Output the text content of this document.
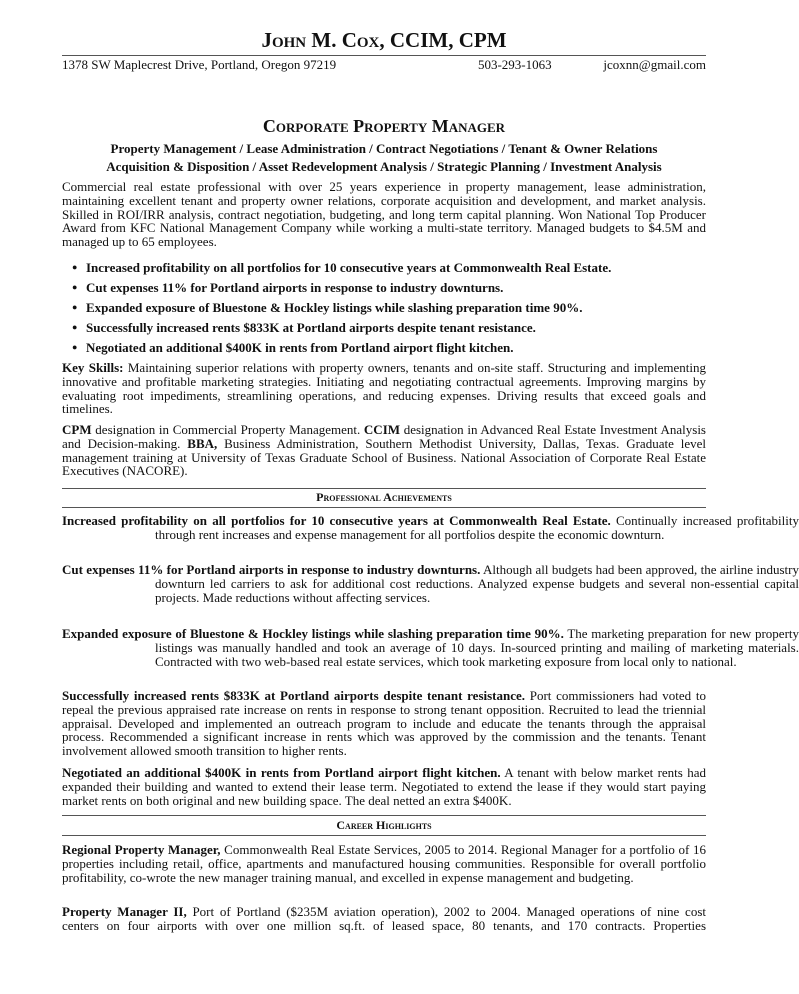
John M. Cox, CCIM, CPM
1378 SW Maplecrest Drive, Portland, Oregon 97219	503-293-1063	jcoxnn@gmail.com
Corporate Property Manager
Property Management / Lease Administration / Contract Negotiations / Tenant & Owner Relations
Acquisition & Disposition / Asset Redevelopment Analysis / Strategic Planning / Investment Analysis
Commercial real estate professional with over 25 years experience in property management, lease administration, maintaining excellent tenant and property owner relations, corporate acquisition and development, and market analysis. Skilled in ROI/IRR analysis, contract negotiation, budgeting, and long term capital planning. Won National Top Producer Award from KFC National Management Company while working a multi-state territory. Managed budgets to $4.5M and managed up to 65 employees.
● Increased profitability on all portfolios for 10 consecutive years at Commonwealth Real Estate.
● Cut expenses 11% for Portland airports in response to industry downturns.
● Expanded exposure of Bluestone & Hockley listings while slashing preparation time 90%.
● Successfully increased rents $833K at Portland airports despite tenant resistance.
● Negotiated an additional $400K in rents from Portland airport flight kitchen.
Key Skills: Maintaining superior relations with property owners, tenants and on-site staff. Structuring and implementing innovative and profitable marketing strategies. Initiating and negotiating contractual agreements. Improving margins by evaluating root impediments, streamlining operations, and reducing expenses. Driving results that exceed goals and timelines.
CPM designation in Commercial Property Management. CCIM designation in Advanced Real Estate Investment Analysis and Decision-making. BBA, Business Administration, Southern Methodist University, Dallas, Texas. Graduate level management training at University of Texas Graduate School of Business. National Association of Corporate Real Estate Executives (NACORE).
Professional Achievements
Increased profitability on all portfolios for 10 consecutive years at Commonwealth Real Estate. Continually increased profitability through rent increases and expense management for all portfolios despite the economic downturn.
Cut expenses 11% for Portland airports in response to industry downturns. Although all budgets had been approved, the airline industry downturn led carriers to ask for additional cost reductions. Analyzed expense budgets and several non-essential capital projects. Made reductions without affecting services.
Expanded exposure of Bluestone & Hockley listings while slashing preparation time 90%. The marketing preparation for new property listings was manually handled and took an average of 10 days. In-sourced printing and mailing of marketing materials. Contracted with two web-based real estate services, which took marketing exposure from local only to national.
Successfully increased rents $833K at Portland airports despite tenant resistance. Port commissioners had voted to repeal the previous appraised rate increase on rents in response to strong tenant opposition. Recruited to lead the triennial appraisal. Developed and implemented an outreach program to include and educate the tenants through the appraisal process. Recommended a significant increase in rents which was approved by the commission and the tenants. Tenant involvement allowed smooth transition to higher rents.
Negotiated an additional $400K in rents from Portland airport flight kitchen. A tenant with below market rents had expanded their building and wanted to extend their lease term. Negotiated to extend the lease if they would start paying market rents on both original and new building space. The deal netted an extra $400K.
Career Highlights
Regional Property Manager, Commonwealth Real Estate Services, 2005 to 2014. Regional Manager for a portfolio of 16 properties including retail, office, apartments and manufactured housing communities. Responsible for overall portfolio profitability, co-wrote the new manager training manual, and excelled in expense management and budgeting.
Property Manager II, Port of Portland ($235M aviation operation), 2002 to 2004. Managed operations of nine cost centers on four airports with over one million sq.ft. of leased space, 80 tenants, and 170 contracts. Properties
